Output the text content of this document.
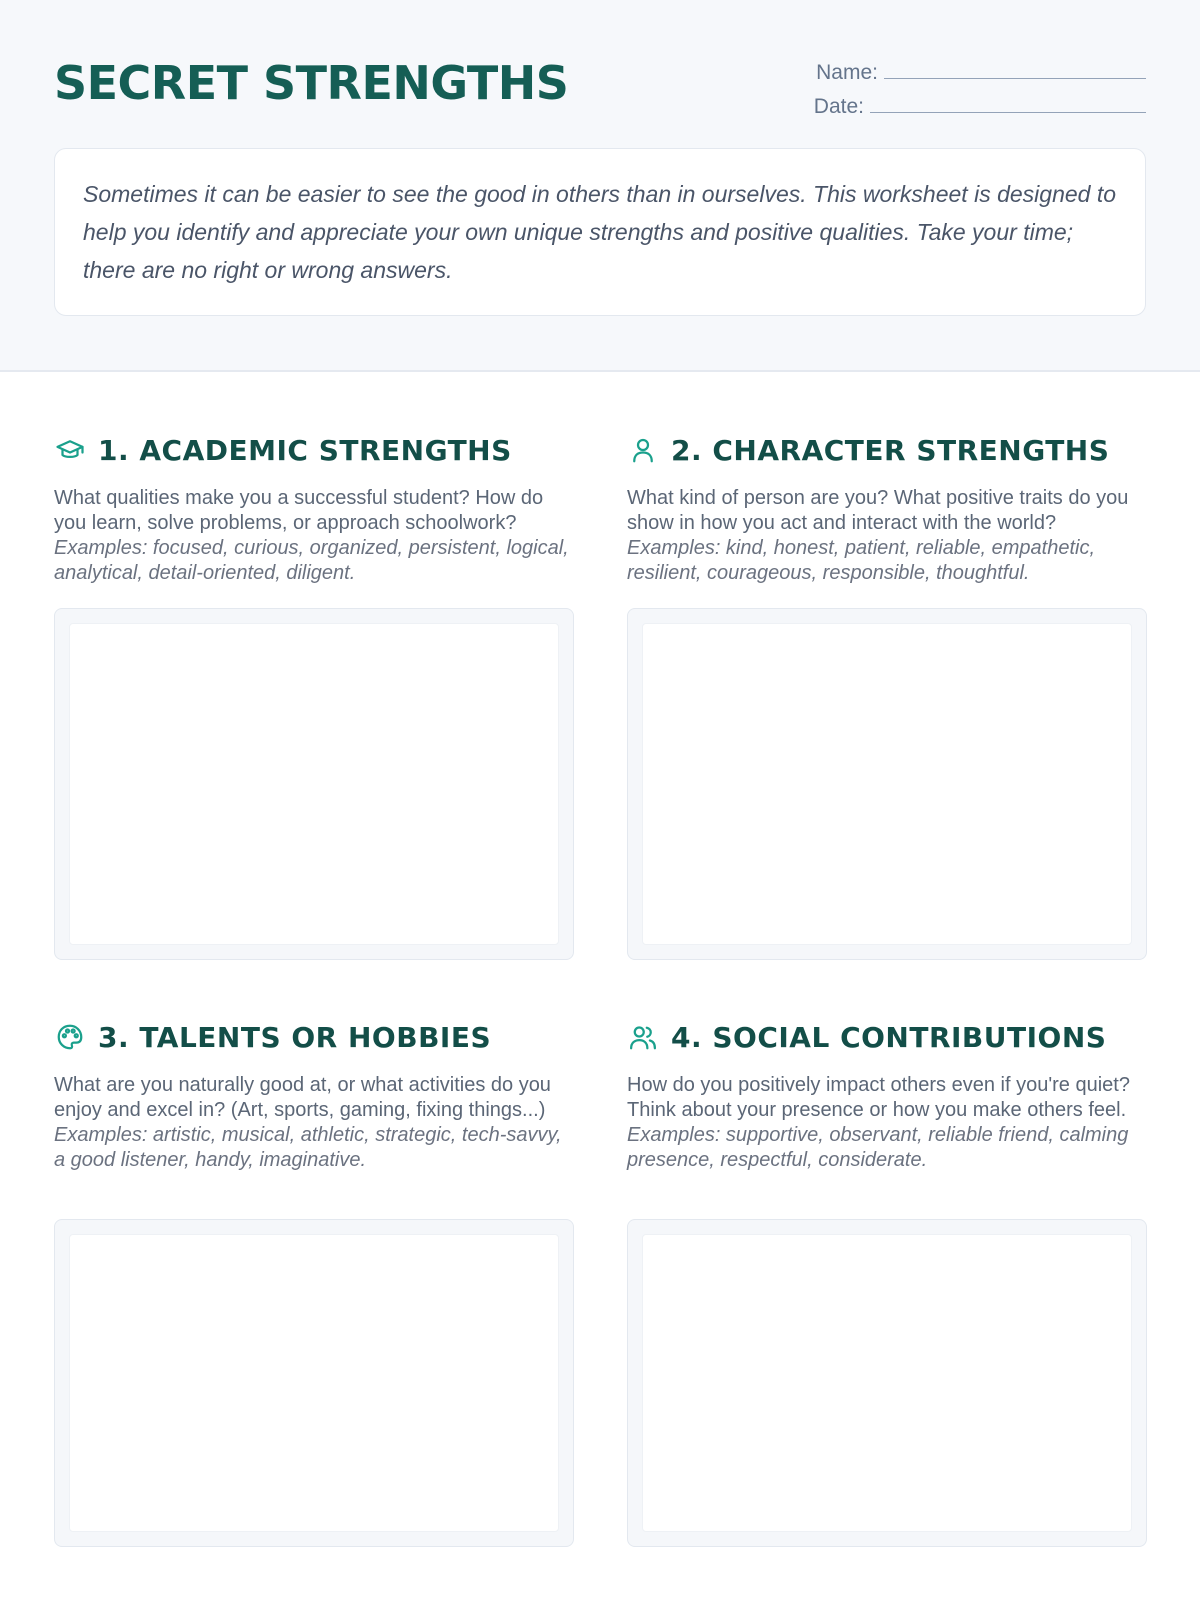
SECRET STRENGTHS	Name:
Date:
Sometimes it can be easier to see the good in others than in ourselves. This worksheet is designed to help you identify and appreciate your own unique strengths and positive qualities. Take your time; there are no right or wrong answers.
1. ACADEMIC STRENGTHS
What qualities make you a successful student? How do you learn, solve problems, or approach schoolwork?
Examples: focused, curious, organized, persistent, logical, analytical, detail-oriented, diligent.
2. CHARACTER STRENGTHS
What kind of person are you? What positive traits do you show in how you act and interact with the world?
Examples: kind, honest, patient, reliable, empathetic, resilient, courageous, responsible, thoughtful.
3. TALENTS OR HOBBIES
What are you naturally good at, or what activities do you enjoy and excel in? (Art, sports, gaming, fixing things...)
Examples: artistic, musical, athletic, strategic, tech-savvy, a good listener, handy, imaginative.
4. SOCIAL CONTRIBUTIONS
How do you positively impact others even if you're quiet? Think about your presence or how you make others feel.
Examples: supportive, observant, reliable friend, calming presence, respectful, considerate.
